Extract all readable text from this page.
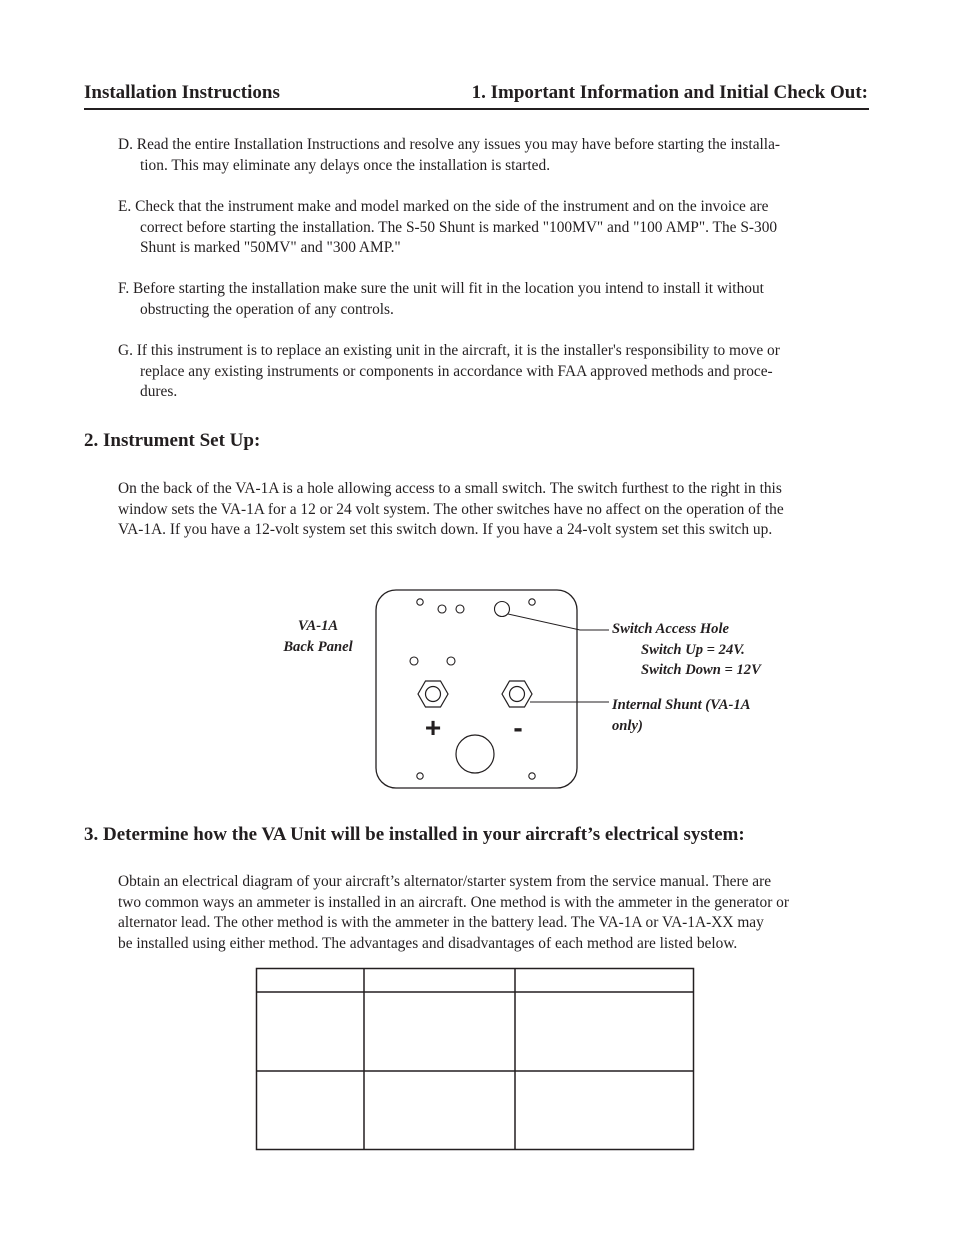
Installation Instructions	1. Important Information and Initial Check Out:
D. Read the entire Installation Instructions and resolve any issues you may have before starting the installa-
tion. This may eliminate any delays once the installation is started.
E. Check that the instrument make and model marked on the side of the instrument and on the invoice are
correct before starting the installation. The S-50 Shunt is marked "100MV" and "100 AMP". The S-300
Shunt is marked "50MV" and "300 AMP."
F. Before starting the installation make sure the unit will fit in the location you intend to install it without
obstructing the operation of any controls.
G. If this instrument is to replace an existing unit in the aircraft, it is the installer's responsibility to move or
replace any existing instruments or components in accordance with FAA approved methods and proce-
dures.
2. Instrument Set Up:
On the back of the VA-1A is a hole allowing access to a small switch. The switch furthest to the right in this
window sets the VA-1A for a 12 or 24 volt system. The other switches have no affect on the operation of the
VA-1A. If you have a 12-volt system set this switch down. If you have a 24-volt system set this switch up.
VA-1A
Back Panel
Switch Access Hole
Switch Up = 24V.
Switch Down = 12V
Internal Shunt (VA-1A
only)
+	-
3. Determine how the VA Unit will be installed in your aircraft’s electrical system:
Obtain an electrical diagram of your aircraft’s alternator/starter system from the service manual. There are
two common ways an ammeter is installed in an aircraft. One method is with the ammeter in the generator or
alternator lead. The other method is with the ammeter in the battery lead. The VA-1A or VA-1A-XX may
be installed using either method. The advantages and disadvantages of each method are listed below.
